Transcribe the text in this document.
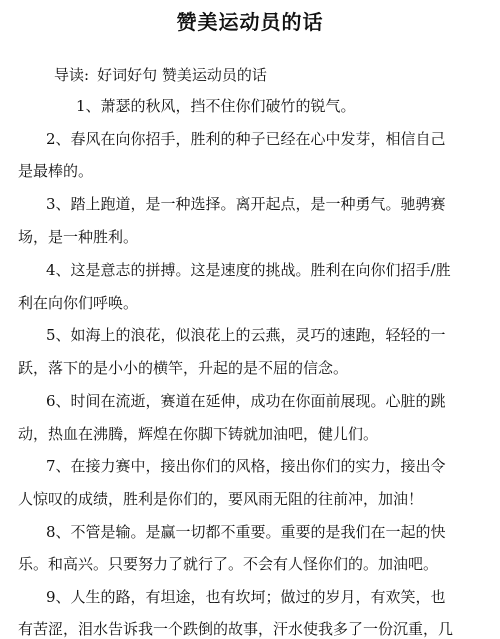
赞美运动员的话
导读: 好词好句 赞美运动员的话
1、萧瑟的秋风，挡不住你们破竹的锐气。
2、春风在向你招手，胜利的种子已经在心中发芽，相信自己
是最棒的。
3、踏上跑道，是一种选择。离开起点，是一种勇气。驰骋赛
场，是一种胜利。
4、这是意志的拼搏。这是速度的挑战。胜利在向你们招手/胜
利在向你们呼唤。
5、如海上的浪花，似浪花上的云燕，灵巧的速跑，轻轻的一
跃，落下的是小小的横竿，升起的是不屈的信念。
6、时间在流逝，赛道在延伸，成功在你面前展现。心脏的跳
动，热血在沸腾，辉煌在你脚下铸就加油吧，健儿们。
7、在接力赛中，接出你们的风格，接出你们的实力，接出令
人惊叹的成绩，胜利是你们的，要风雨无阻的往前冲，加油！
8、不管是输。是赢一切都不重要。重要的是我们在一起的快
乐。和高兴。只要努力了就行了。不会有人怪你们的。加油吧。
9、人生的路，有坦途，也有坎坷；做过的岁月，有欢笑，也
有苦涩，泪水告诉我一个跌倒的故事，汗水使我多了一份沉重，几
